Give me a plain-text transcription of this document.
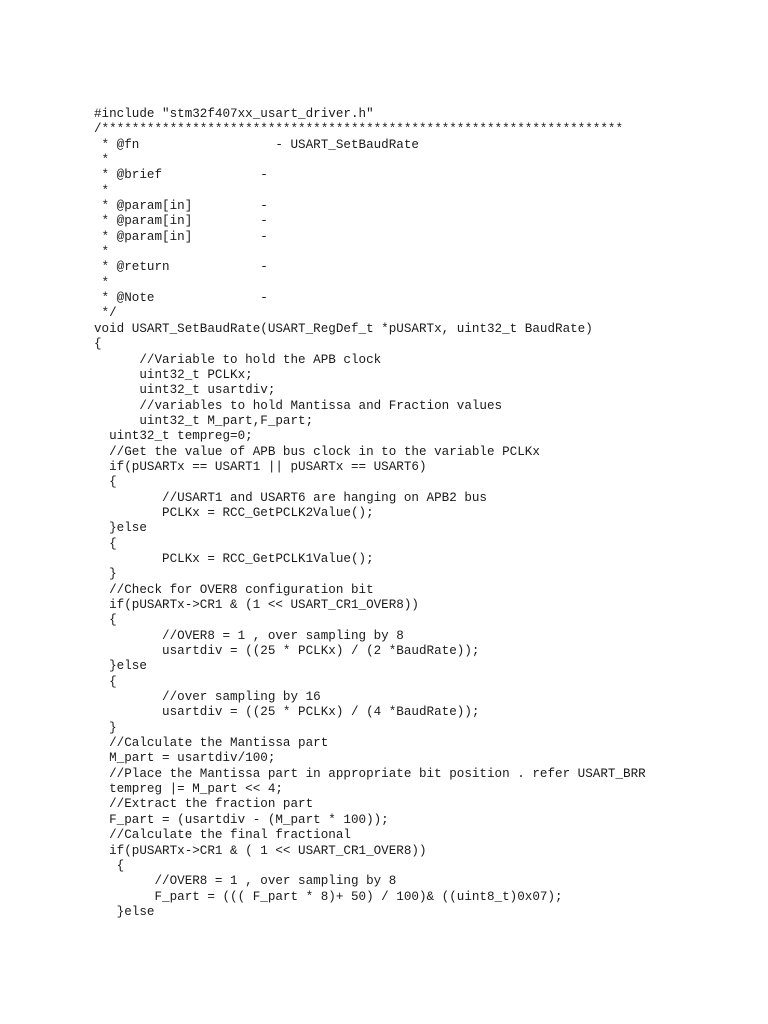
#include "stm32f407xx_usart_driver.h"
/*********************************************************************
* @fn                  - USART_SetBaudRate
*
* @brief             -
*
* @param[in]         -
* @param[in]         -
* @param[in]         -
*
* @return            -
*
* @Note              -
*/
void USART_SetBaudRate(USART_RegDef_t *pUSARTx, uint32_t BaudRate)
{
//Variable to hold the APB clock
uint32_t PCLKx;
uint32_t usartdiv;
//variables to hold Mantissa and Fraction values
uint32_t M_part,F_part;
uint32_t tempreg=0;
//Get the value of APB bus clock in to the variable PCLKx
if(pUSARTx == USART1 || pUSARTx == USART6)
{
//USART1 and USART6 are hanging on APB2 bus
PCLKx = RCC_GetPCLK2Value();
}else
{
PCLKx = RCC_GetPCLK1Value();
}
//Check for OVER8 configuration bit
if(pUSARTx->CR1 & (1 << USART_CR1_OVER8))
{
//OVER8 = 1 , over sampling by 8
usartdiv = ((25 * PCLKx) / (2 *BaudRate));
}else
{
//over sampling by 16
usartdiv = ((25 * PCLKx) / (4 *BaudRate));
}
//Calculate the Mantissa part
M_part = usartdiv/100;
//Place the Mantissa part in appropriate bit position . refer USART_BRR
tempreg |= M_part << 4;
//Extract the fraction part
F_part = (usartdiv - (M_part * 100));
//Calculate the final fractional
if(pUSARTx->CR1 & ( 1 << USART_CR1_OVER8))
{
//OVER8 = 1 , over sampling by 8
F_part = ((( F_part * 8)+ 50) / 100)& ((uint8_t)0x07);
}else
